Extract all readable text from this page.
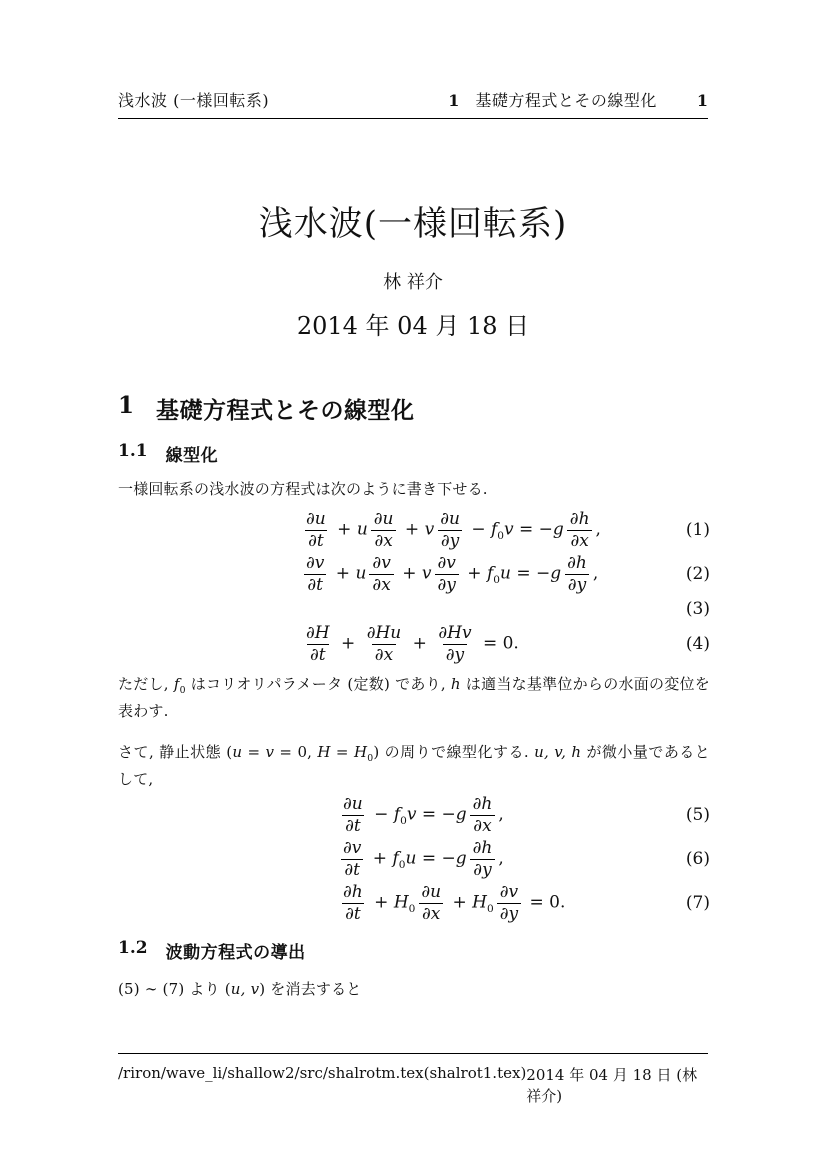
浅水波 (一様回転系)	1 基礎方程式とその線型化	1
浅水波(一様回転系)
林 祥介
2014 年 04 月 18 日
1 基礎方程式とその線型化
1.1 線型化
一様回転系の浅水波の方程式は次のように書き下せる.
$\frac{\partial u}{\partial t} + u \frac{\partial u}{\partial x} + v \frac{\partial u}{\partial y} - f_0v = -g \frac{\partial h}{\partial x}$ ,	(1)
$\frac{\partial v}{\partial t} + u \frac{\partial v}{\partial x} + v \frac{\partial v}{\partial y} + f_0u = -g \frac{\partial h}{\partial y}$ ,	(2)
(3)
$\frac{\partial H}{\partial t} + \frac{\partial Hu}{\partial x} + \frac{\partial Hv}{\partial y} = 0$.	(4)
ただし, $f_0$ はコリオリパラメータ (定数) であり, h は適当な基準位からの水面の変位を表わす.
さて, 静止状態 (u = v = 0, $H = H_0$) の周りで線型化する. u, v, h が微小量であるとして,
$\frac{\partial u}{\partial t} - f_0v = -g \frac{\partial h}{\partial x}$ ,	(5)
$\frac{\partial v}{\partial t} + f_0u = -g \frac{\partial h}{\partial y}$ ,	(6)
$\frac{\partial h}{\partial t} + H_0 \frac{\partial u}{\partial x} + H_0 \frac{\partial v}{\partial y} = 0$.	(7)
1.2 波動方程式の導出
(5) ∼ (7) より (u, v) を消去すると
/riron/wave_li/shallow2/src/shalrotm.tex(shalrot1.tex) 2014 年 04 月 18 日 (林 祥介)
